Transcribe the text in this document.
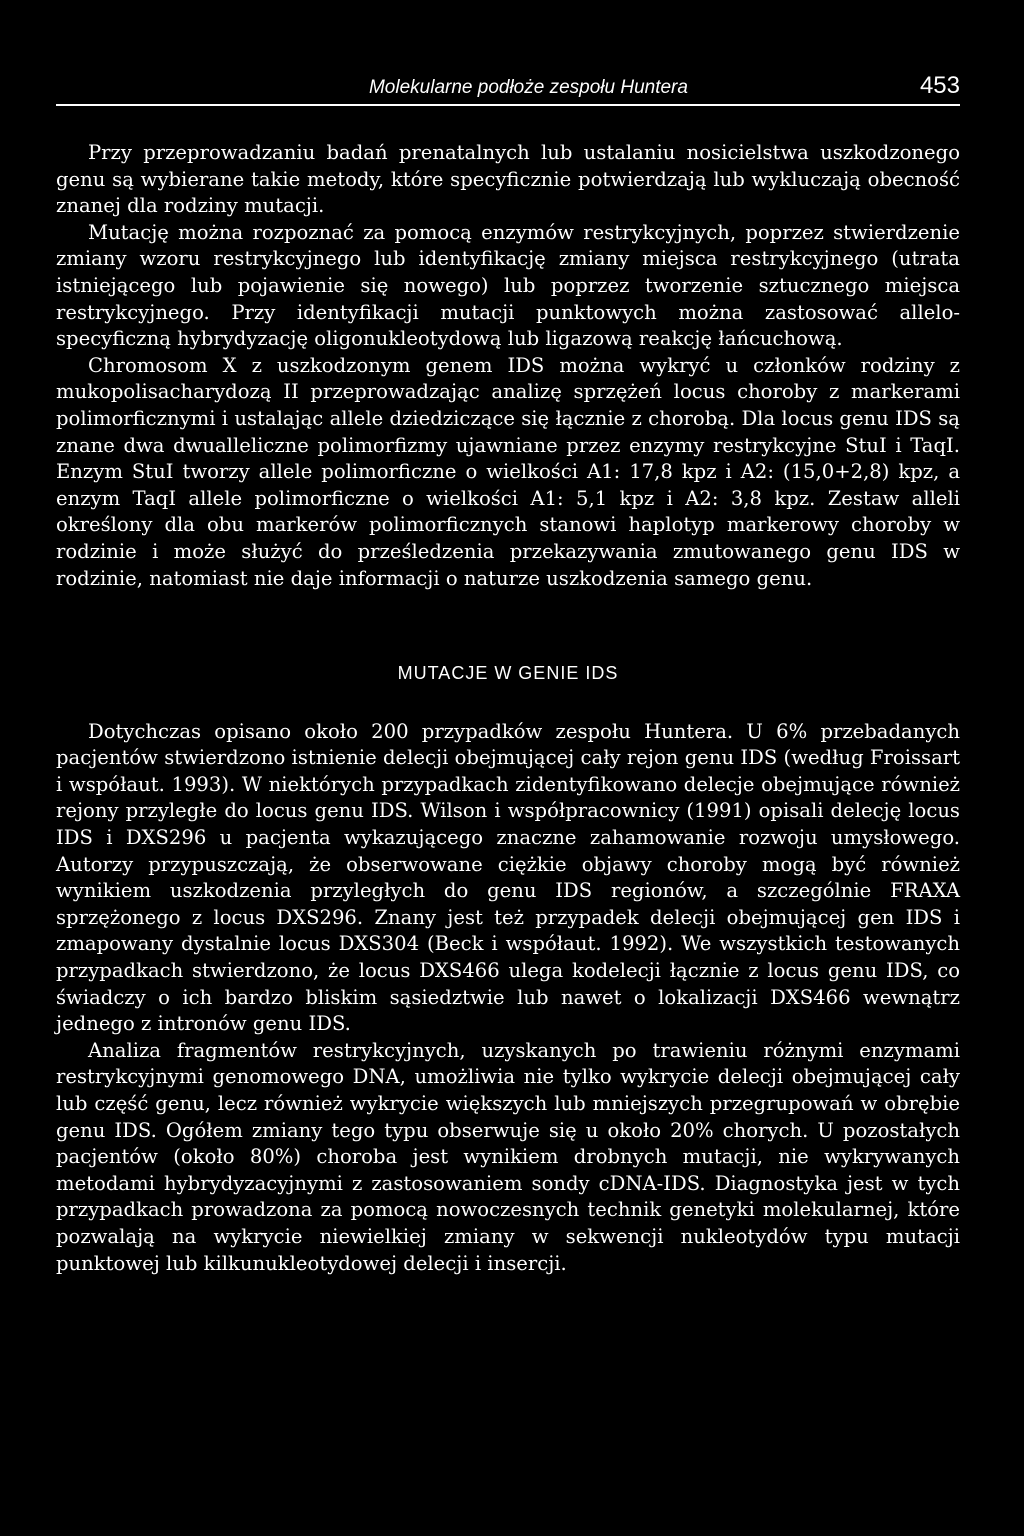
Molekularne podłoże zespołu Huntera	453

Przy przeprowadzaniu badań prenatalnych lub ustalaniu nosicielstwa uszkodzonego genu są wybierane takie metody, które specyficznie potwierdzają lub wykluczają obecność znanej dla rodziny mutacji.

Mutację można rozpoznać za pomocą enzymów restrykcyjnych, poprzez stwierdzenie zmiany wzoru restrykcyjnego lub identyfikację zmiany miejsca restrykcyjnego (utrata istniejącego lub pojawienie się nowego) lub poprzez tworzenie sztucznego miejsca restrykcyjnego. Przy identyfikacji mutacji punktowych można zastosować allelo-specyficzną hybrydyzację oligonukleotydową lub ligazową reakcję łańcuchową.

Chromosom X z uszkodzonym genem IDS można wykryć u członków rodziny z mukopolisacharydozą II przeprowadzając analizę sprzężeń locus choroby z markerami polimorficznymi i ustalając allele dziedziczące się łącznie z chorobą. Dla locus genu IDS są znane dwa dwualleliczne polimorfizmy ujawniane przez enzymy restrykcyjne StuI i TaqI. Enzym StuI tworzy allele polimorficzne o wielkości A1: 17,8 kpz i A2: (15,0+2,8) kpz, a enzym TaqI allele polimorficzne o wielkości A1: 5,1 kpz i A2: 3,8 kpz. Zestaw alleli określony dla obu markerów polimorficznych stanowi haplotyp markerowy choroby w rodzinie i może służyć do prześledzenia przekazywania zmutowanego genu IDS w rodzinie, natomiast nie daje informacji o naturze uszkodzenia samego genu.

MUTACJE W GENIE IDS

Dotychczas opisano około 200 przypadków zespołu Huntera. U 6% przebadanych pacjentów stwierdzono istnienie delecji obejmującej cały rejon genu IDS (według Froissart i współaut. 1993). W niektórych przypadkach zidentyfikowano delecje obejmujące również rejony przyległe do locus genu IDS. Wilson i współpracownicy (1991) opisali delecję locus IDS i DXS296 u pacjenta wykazującego znaczne zahamowanie rozwoju umysłowego. Autorzy przypuszczają, że obserwowane ciężkie objawy choroby mogą być również wynikiem uszkodzenia przyległych do genu IDS regionów, a szczególnie FRAXA sprzężonego z locus DXS296. Znany jest też przypadek delecji obejmującej gen IDS i zmapowany dystalnie locus DXS304 (Beck i współaut. 1992). We wszystkich testowanych przypadkach stwierdzono, że locus DXS466 ulega kodelecji łącznie z locus genu IDS, co świadczy o ich bardzo bliskim sąsiedztwie lub nawet o lokalizacji DXS466 wewnątrz jednego z intronów genu IDS.

Analiza fragmentów restrykcyjnych, uzyskanych po trawieniu różnymi enzymami restrykcyjnymi genomowego DNA, umożliwia nie tylko wykrycie delecji obejmującej cały lub część genu, lecz również wykrycie większych lub mniejszych przegrupowań w obrębie genu IDS. Ogółem zmiany tego typu obserwuje się u około 20% chorych. U pozostałych pacjentów (około 80%) choroba jest wynikiem drobnych mutacji, nie wykrywanych metodami hybrydyzacyjnymi z zastosowaniem sondy cDNA-IDS. Diagnostyka jest w tych przypadkach prowadzona za pomocą nowoczesnych technik genetyki molekularnej, które pozwalają na wykrycie niewielkiej zmiany w sekwencji nukleotydów typu mutacji punktowej lub kilkunukleotydowej delecji i insercji.
